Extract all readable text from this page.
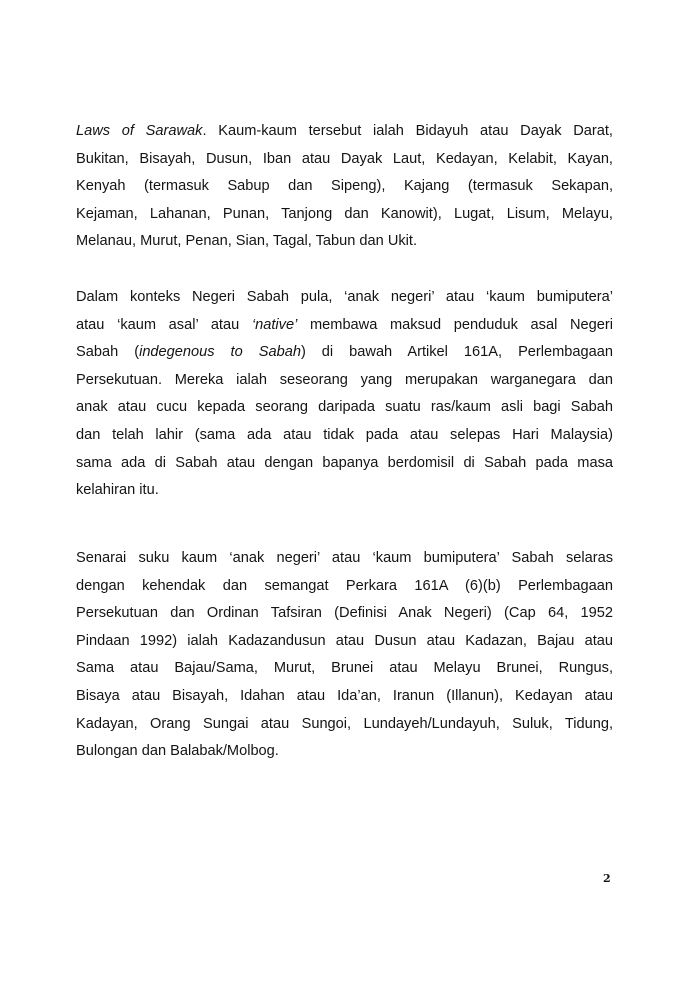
Laws of Sarawak. Kaum-kaum tersebut ialah Bidayuh atau Dayak Darat,
Bukitan, Bisayah, Dusun, Iban atau Dayak Laut, Kedayan, Kelabit, Kayan,
Kenyah (termasuk Sabup dan Sipeng), Kajang (termasuk Sekapan,
Kejaman, Lahanan, Punan, Tanjong dan Kanowit), Lugat, Lisum, Melayu,
Melanau, Murut, Penan, Sian, Tagal, Tabun dan Ukit.

Dalam konteks Negeri Sabah pula, ‘anak negeri’ atau ‘kaum bumiputera’
atau ‘kaum asal’ atau ‘native’ membawa maksud penduduk asal Negeri
Sabah (indegenous to Sabah) di bawah Artikel 161A, Perlembagaan
Persekutuan. Mereka ialah seseorang yang merupakan warganegara dan
anak atau cucu kepada seorang daripada suatu ras/kaum asli bagi Sabah
dan telah lahir (sama ada atau tidak pada atau selepas Hari Malaysia)
sama ada di Sabah atau dengan bapanya berdomisil di Sabah pada masa
kelahiran itu.

Senarai suku kaum ‘anak negeri’ atau ‘kaum bumiputera’ Sabah selaras
dengan kehendak dan semangat Perkara 161A (6)(b) Perlembagaan
Persekutuan dan Ordinan Tafsiran (Definisi Anak Negeri) (Cap 64, 1952
Pindaan 1992) ialah Kadazandusun atau Dusun atau Kadazan, Bajau atau
Sama atau Bajau/Sama, Murut, Brunei atau Melayu Brunei, Rungus,
Bisaya atau Bisayah, Idahan atau Ida’an, Iranun (Illanun), Kedayan atau
Kadayan, Orang Sungai atau Sungoi, Lundayeh/Lundayuh, Suluk, Tidung,
Bulongan dan Balabak/Molbog.

2
